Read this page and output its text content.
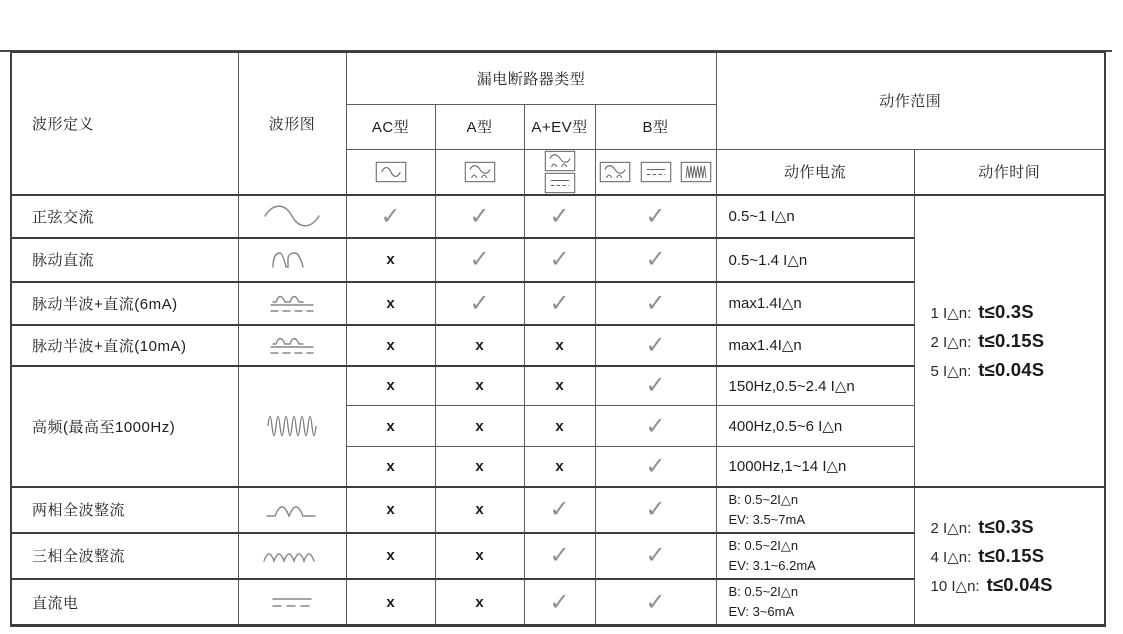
波形定义	波形图	漏电断路器类型				动作范围	
		AC型	A型	A+EV型	B型		
				动作电流	动作时间
正弦交流		✓	✓	✓	✓	0.5~1 I△n	
1 I△n: t≤0.3S
2 I△n: t≤0.15S
5 I△n: t≤0.04S

脉动直流		x	✓	✓	✓	0.5~1.4 I△n	
脉动半波+直流(6mA)		x	✓	✓	✓	max1.4I△n	
脉动半波+直流(10mA)		x	x	x	✓	max1.4I△n	
高频(最高至1000Hz)		x	x	x	✓	150Hz,0.5~2.4 I△n	
		x	x	x	✓	400Hz,0.5~6 I△n	
		x	x	x	✓	1000Hz,1~14 I△n	
两相全波整流		x	x	✓	✓	B: 0.5~2I△n
EV: 3.5~7mA

2 I△n: t≤0.3S
4 I△n: t≤0.15S
10 I△n: t≤0.04S

三相全波整流		x	x	✓	✓	B: 0.5~2I△n
EV: 3.1~6.2mA	

直流电		x	x	✓	✓	B: 0.5~2I△n
EV: 3~6mA	
